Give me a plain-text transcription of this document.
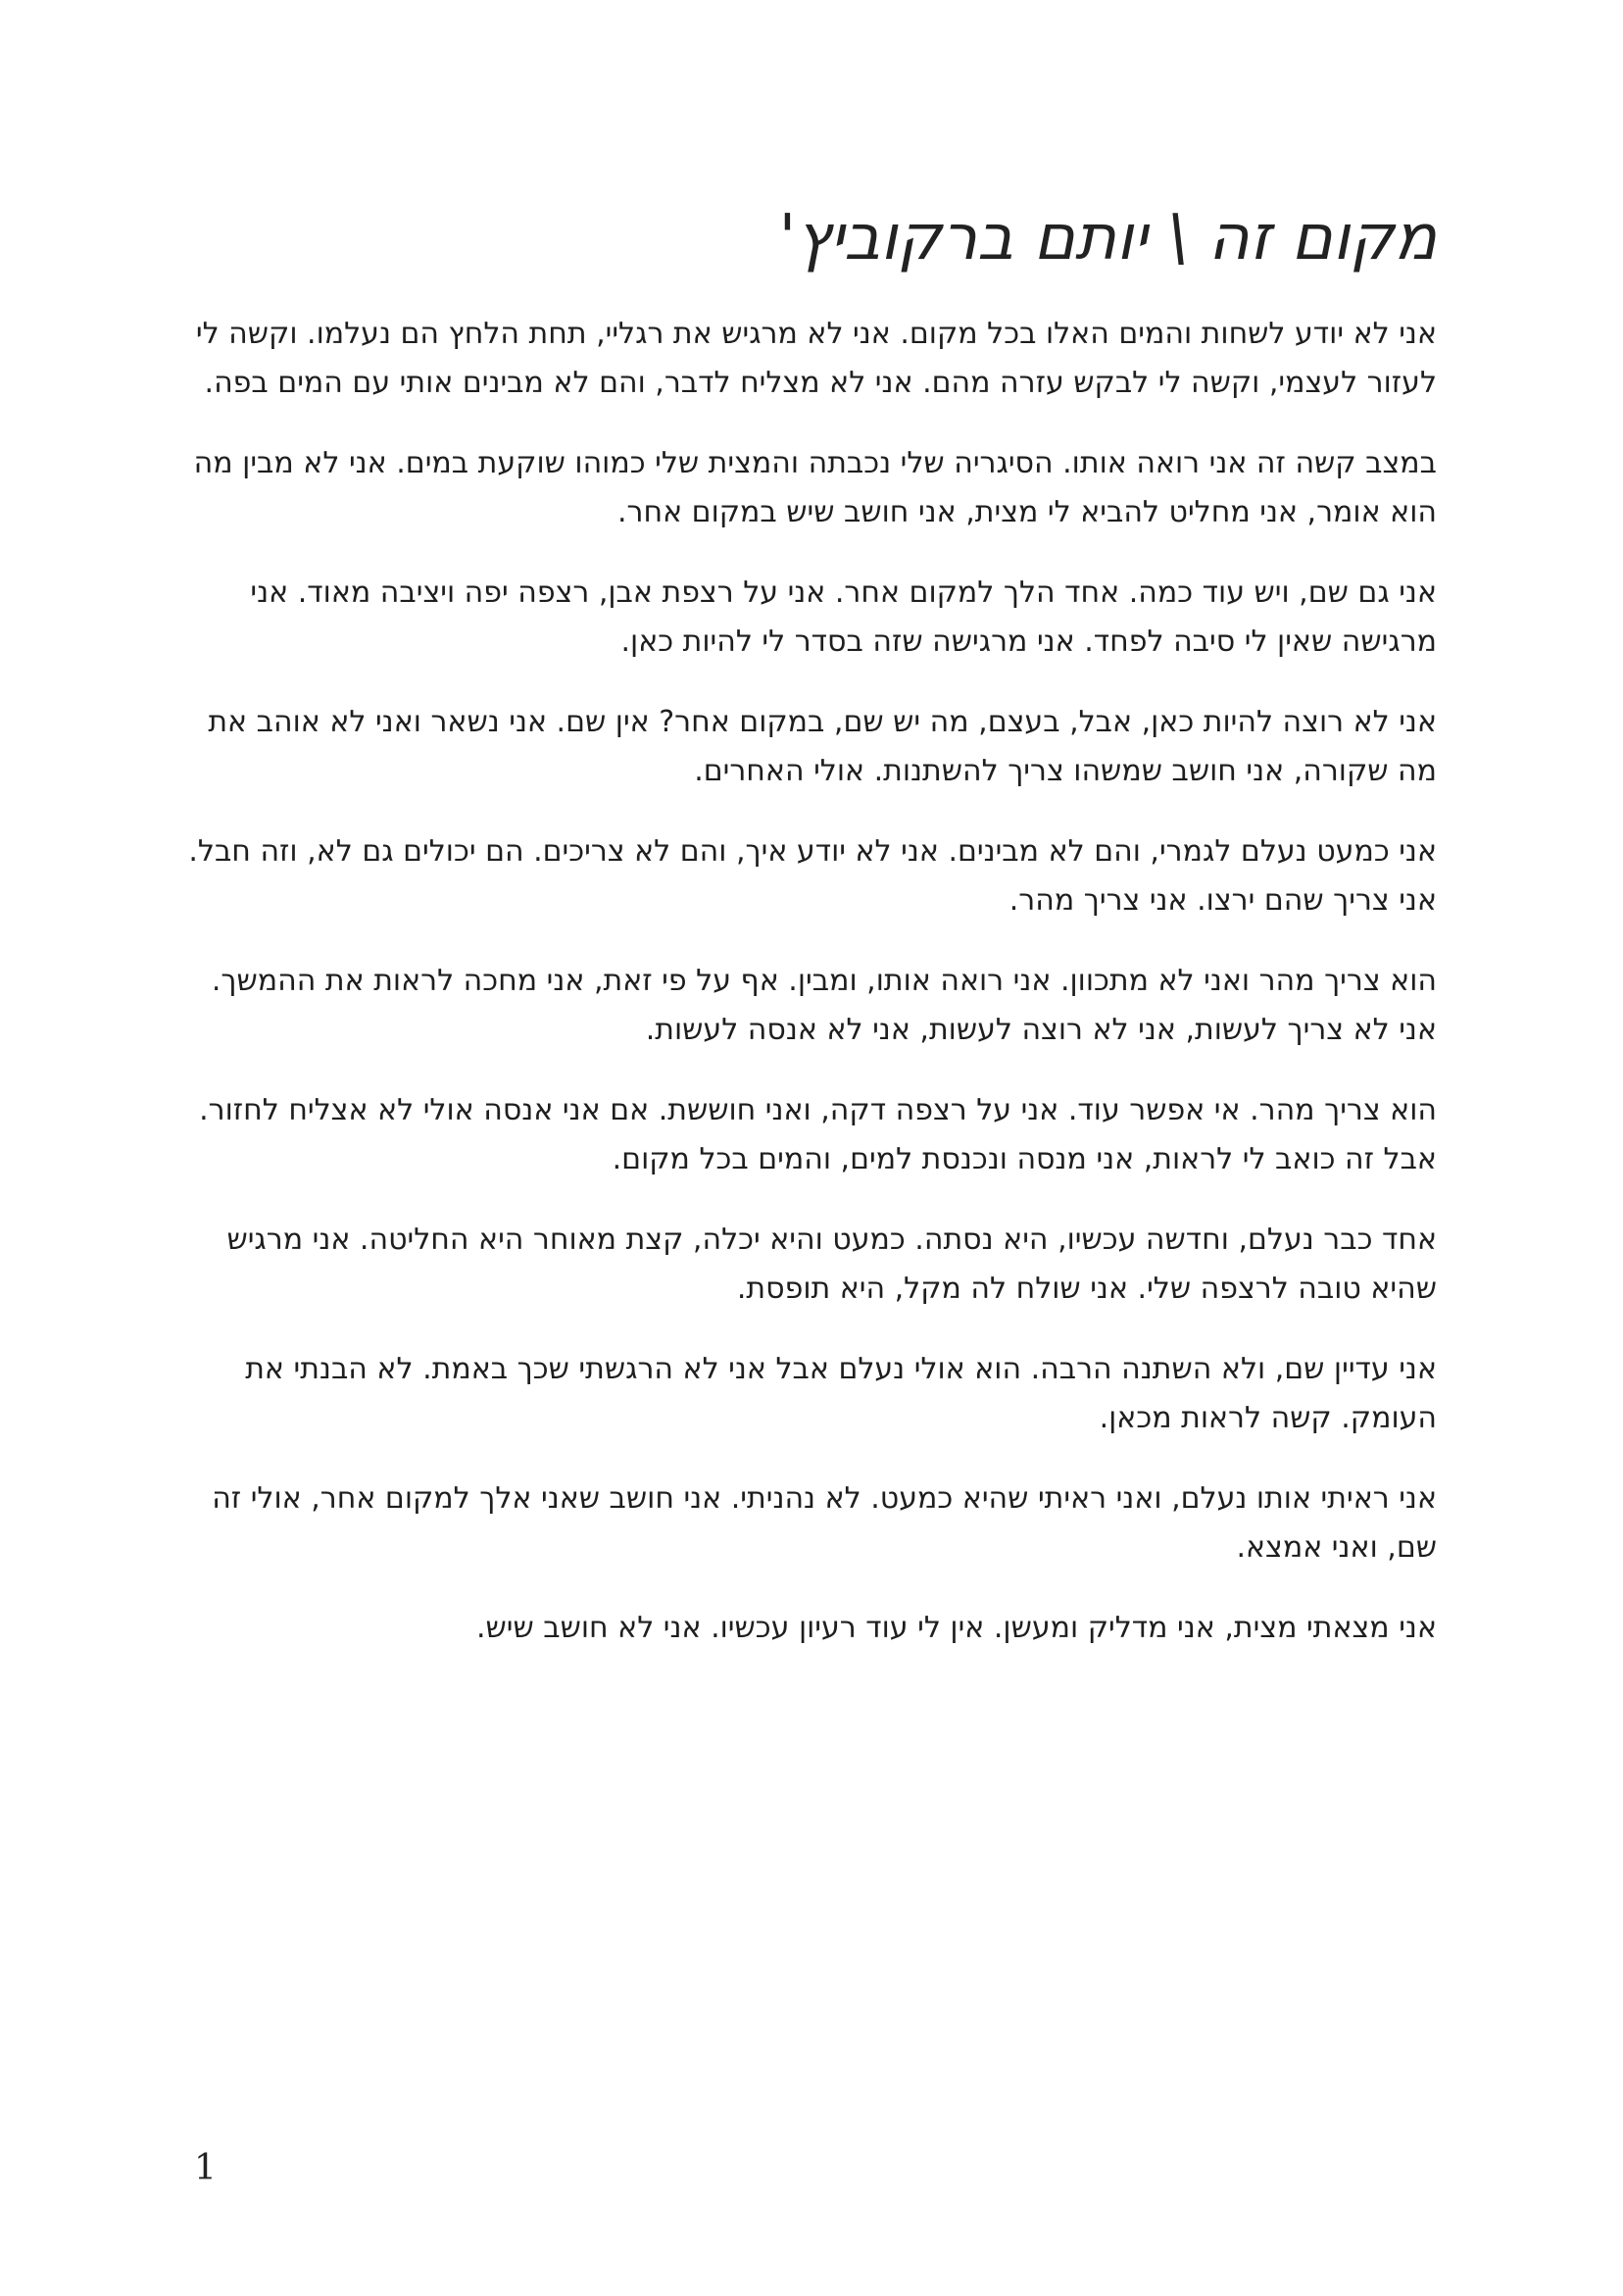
מקום זה \ יותם ברקוביץ'

אני לא יודע לשחות והמים האלו בכל מקום. אני לא מרגיש את רגליי, תחת הלחץ הם נעלמו. וקשה לי לעזור לעצמי, וקשה לי לבקש עזרה מהם. אני לא מצליח לדבר, והם לא מבינים אותי עם המים בפה.

במצב קשה זה אני רואה אותו. הסיגריה שלי נכבתה והמצית שלי כמוהו שוקעת במים. אני לא מבין מה הוא אומר, אני מחליט להביא לי מצית, אני חושב שיש במקום אחר.

אני גם שם, ויש עוד כמה. אחד הלך למקום אחר. אני על רצפת אבן, רצפה יפה ויציבה מאוד. אני מרגישה שאין לי סיבה לפחד. אני מרגישה שזה בסדר לי להיות כאן.

אני לא רוצה להיות כאן, אבל, בעצם, מה יש שם, במקום אחר? אין שם. אני נשאר ואני לא אוהב את מה שקורה, אני חושב שמשהו צריך להשתנות. אולי האחרים.

אני כמעט נעלם לגמרי, והם לא מבינים. אני לא יודע איך, והם לא צריכים. הם יכולים גם לא, וזה חבל. אני צריך שהם ירצו. אני צריך מהר.

הוא צריך מהר ואני לא מתכוון. אני רואה אותו, ומבין. אף על פי זאת, אני מחכה לראות את ההמשך. אני לא צריך לעשות, אני לא רוצה לעשות, אני לא אנסה לעשות.

הוא צריך מהר. אי אפשר עוד. אני על רצפה דקה, ואני חוששת. אם אני אנסה אולי לא אצליח לחזור. אבל זה כואב לי לראות, אני מנסה ונכנסת למים, והמים בכל מקום.

אחד כבר נעלם, וחדשה עכשיו, היא נסתה. כמעט והיא יכלה, קצת מאוחר היא החליטה. אני מרגיש שהיא טובה לרצפה שלי. אני שולח לה מקל, היא תופסת.

אני עדיין שם, ולא השתנה הרבה. הוא אולי נעלם אבל אני לא הרגשתי שכך באמת. לא הבנתי את העומק. קשה לראות מכאן.

אני ראיתי אותו נעלם, ואני ראיתי שהיא כמעט. לא נהניתי. אני חושב שאני אלך למקום אחר, אולי זה שם, ואני אמצא.

אני מצאתי מצית, אני מדליק ומעשן. אין לי עוד רעיון עכשיו. אני לא חושב שיש.

1
